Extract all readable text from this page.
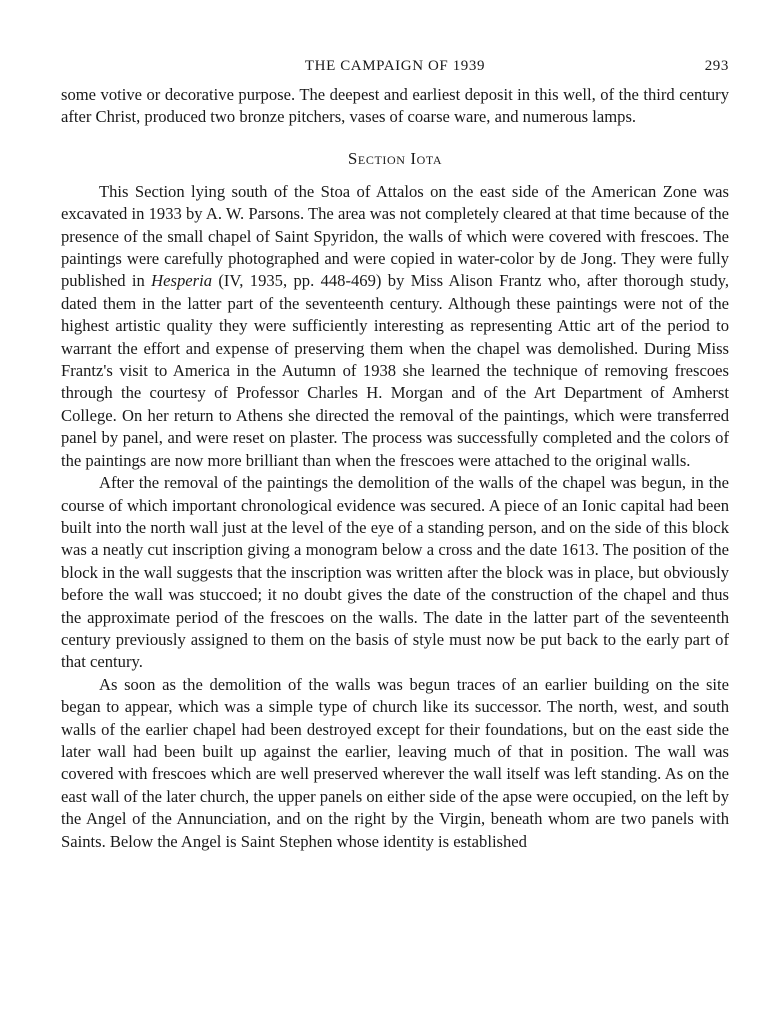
THE CAMPAIGN OF 1939	293

some votive or decorative purpose. The deepest and earliest deposit in this well, of the third century after Christ, produced two bronze pitchers, vases of coarse ware, and numerous lamps.

Section Iota

This Section lying south of the Stoa of Attalos on the east side of the American Zone was excavated in 1933 by A. W. Parsons. The area was not completely cleared at that time because of the presence of the small chapel of Saint Spyridon, the walls of which were covered with frescoes. The paintings were carefully photographed and were copied in water-color by de Jong. They were fully published in Hesperia (IV, 1935, pp. 448-469) by Miss Alison Frantz who, after thorough study, dated them in the latter part of the seventeenth century. Although these paintings were not of the highest artistic quality they were sufficiently interesting as representing Attic art of the period to warrant the effort and expense of preserving them when the chapel was demolished. During Miss Frantz's visit to America in the Autumn of 1938 she learned the technique of removing frescoes through the courtesy of Professor Charles H. Morgan and of the Art Department of Amherst College. On her return to Athens she directed the removal of the paintings, which were transferred panel by panel, and were reset on plaster. The process was successfully completed and the colors of the paintings are now more brilliant than when the frescoes were attached to the original walls.

After the removal of the paintings the demolition of the walls of the chapel was begun, in the course of which important chronological evidence was secured. A piece of an Ionic capital had been built into the north wall just at the level of the eye of a standing person, and on the side of this block was a neatly cut inscription giving a monogram below a cross and the date 1613. The position of the block in the wall suggests that the inscription was written after the block was in place, but obviously before the wall was stuccoed; it no doubt gives the date of the construction of the chapel and thus the approximate period of the frescoes on the walls. The date in the latter part of the seventeenth century previously assigned to them on the basis of style must now be put back to the early part of that century.

As soon as the demolition of the walls was begun traces of an earlier building on the site began to appear, which was a simple type of church like its successor. The north, west, and south walls of the earlier chapel had been destroyed except for their foundations, but on the east side the later wall had been built up against the earlier, leaving much of that in position. The wall was covered with frescoes which are well preserved wherever the wall itself was left standing. As on the east wall of the later church, the upper panels on either side of the apse were occupied, on the left by the Angel of the Annunciation, and on the right by the Virgin, beneath whom are two panels with Saints. Below the Angel is Saint Stephen whose identity is established
